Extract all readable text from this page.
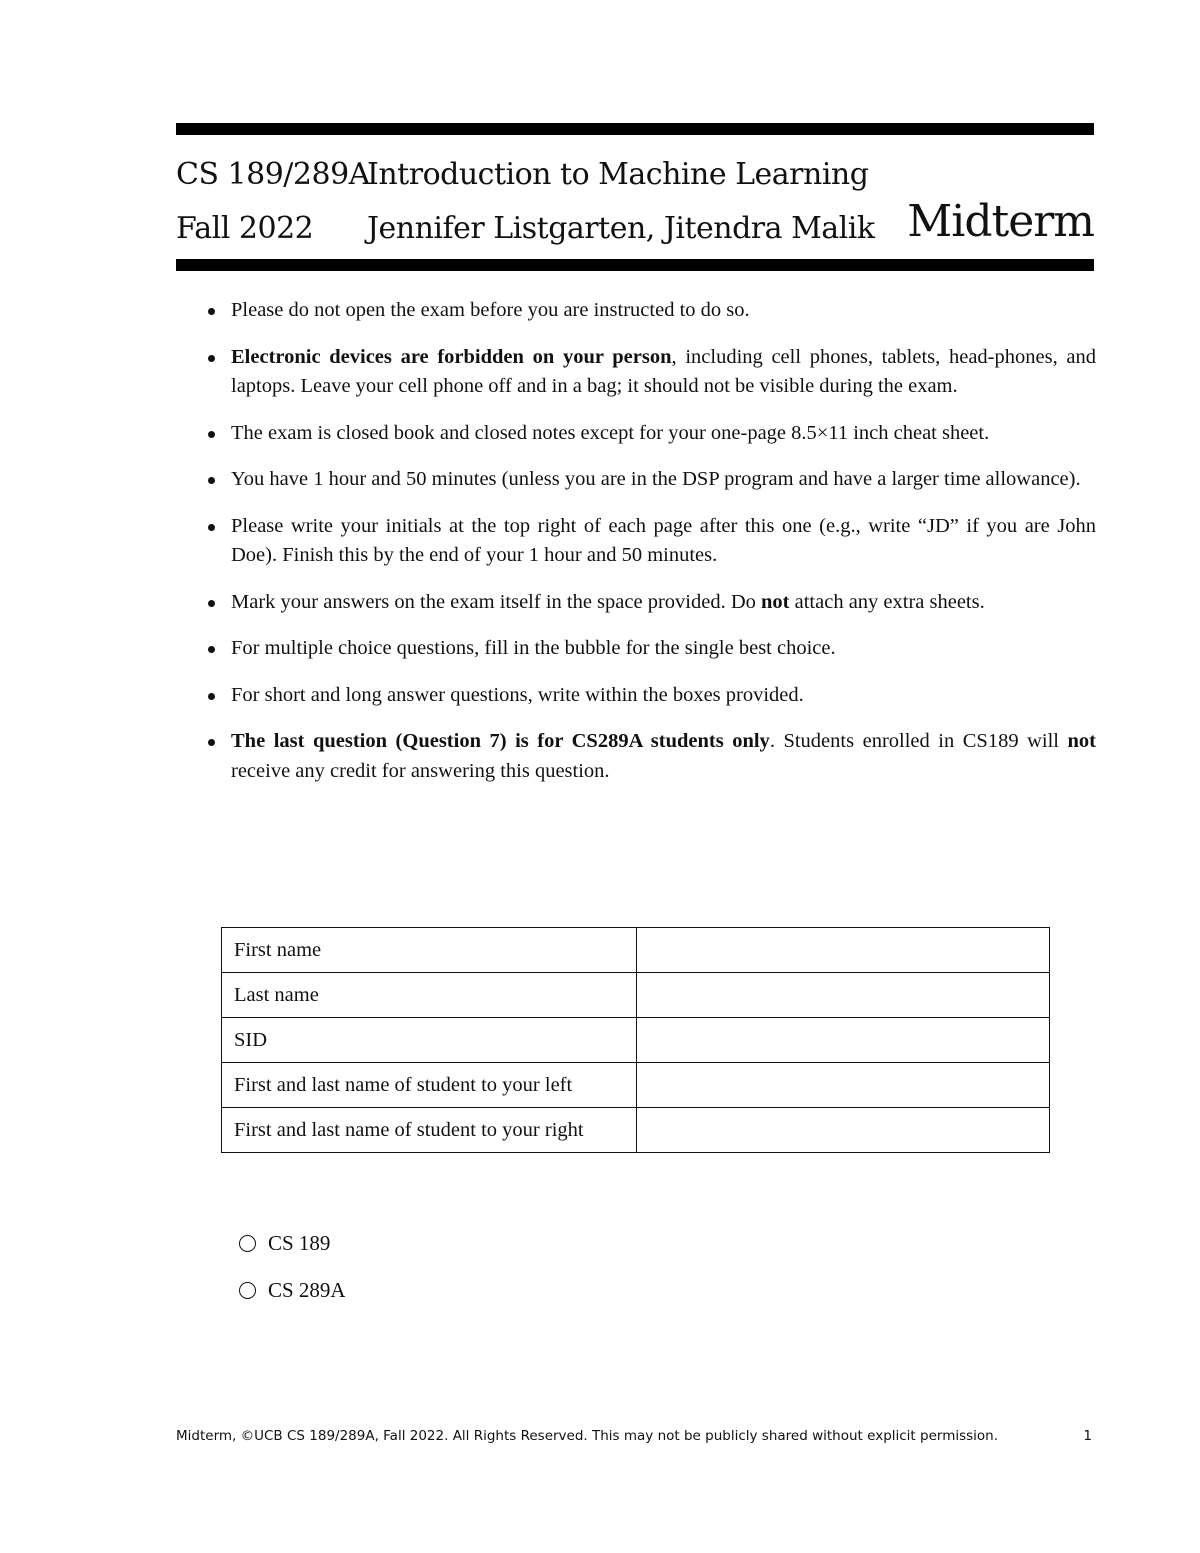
CS 189/289A
Introduction to Machine Learning
Fall 2022 Jennifer Listgarten, Jitendra Malik Midterm
Please do not open the exam before you are instructed to do so.
Electronic devices are forbidden on your person, including cell phones, tablets, head-phones, and laptops. Leave your cell phone off and in a bag; it should not be visible during the exam.
The exam is closed book and closed notes except for your one-page 8.5×11 inch cheat sheet.
You have 1 hour and 50 minutes (unless you are in the DSP program and have a larger time allowance).
Please write your initials at the top right of each page after this one (e.g., write “JD” if you are John Doe). Finish this by the end of your 1 hour and 50 minutes.
Mark your answers on the exam itself in the space provided. Do not attach any extra sheets.
For multiple choice questions, fill in the bubble for the single best choice.
For short and long answer questions, write within the boxes provided.
The last question (Question 7) is for CS289A students only. Students enrolled in CS189 will not receive any credit for answering this question.
First name	
Last name	
SID	
First and last name of student to your left	
First and last name of student to your right	
CS 189
CS 289A
Midterm, ©UCB CS 189/289A, Fall 2022. All Rights Reserved. This may not be publicly shared without explicit permission.	1
